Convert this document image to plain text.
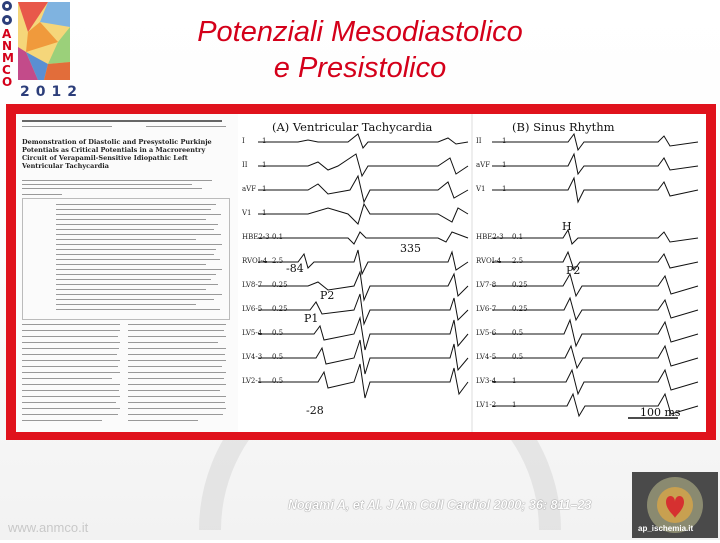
A
N
M
C
O
2012
Potenziali Mesodiastolico
e Presistolico
Demonstration of Diastolic and Presystolic Purkinje Potentials as Critical Potentials in a Macroreentry Circuit of Verapamil-Sensitive Idiopathic Left Ventricular Tachycardia
(A) Ventricular Tachycardia	(B) Sinus Rhythm
I
II
aVF
V1
HBE2-3
RVOI-4
LV8-7
LV6-5
LV5-4
LV4-3
LV2-1
1
1
1
1
0.1
2.5
0.25
0.25
0.5
0.5
0.5
II
aVF
V1
HBE2-3
RVOI-4
LV7-8
LV6-7
LV5-6
LV4-5
LV3-4
LV1-2
1
1
1
0.1
2.5
0.25
0.25
0.5
0.5
1
1
H
335
-84
P2
P1
-28
P2
100 ms
Nogami A, et Al. J Am Coll Cardiol 2000; 36: 811–23
www.anmco.it	ap_ischemia.it
